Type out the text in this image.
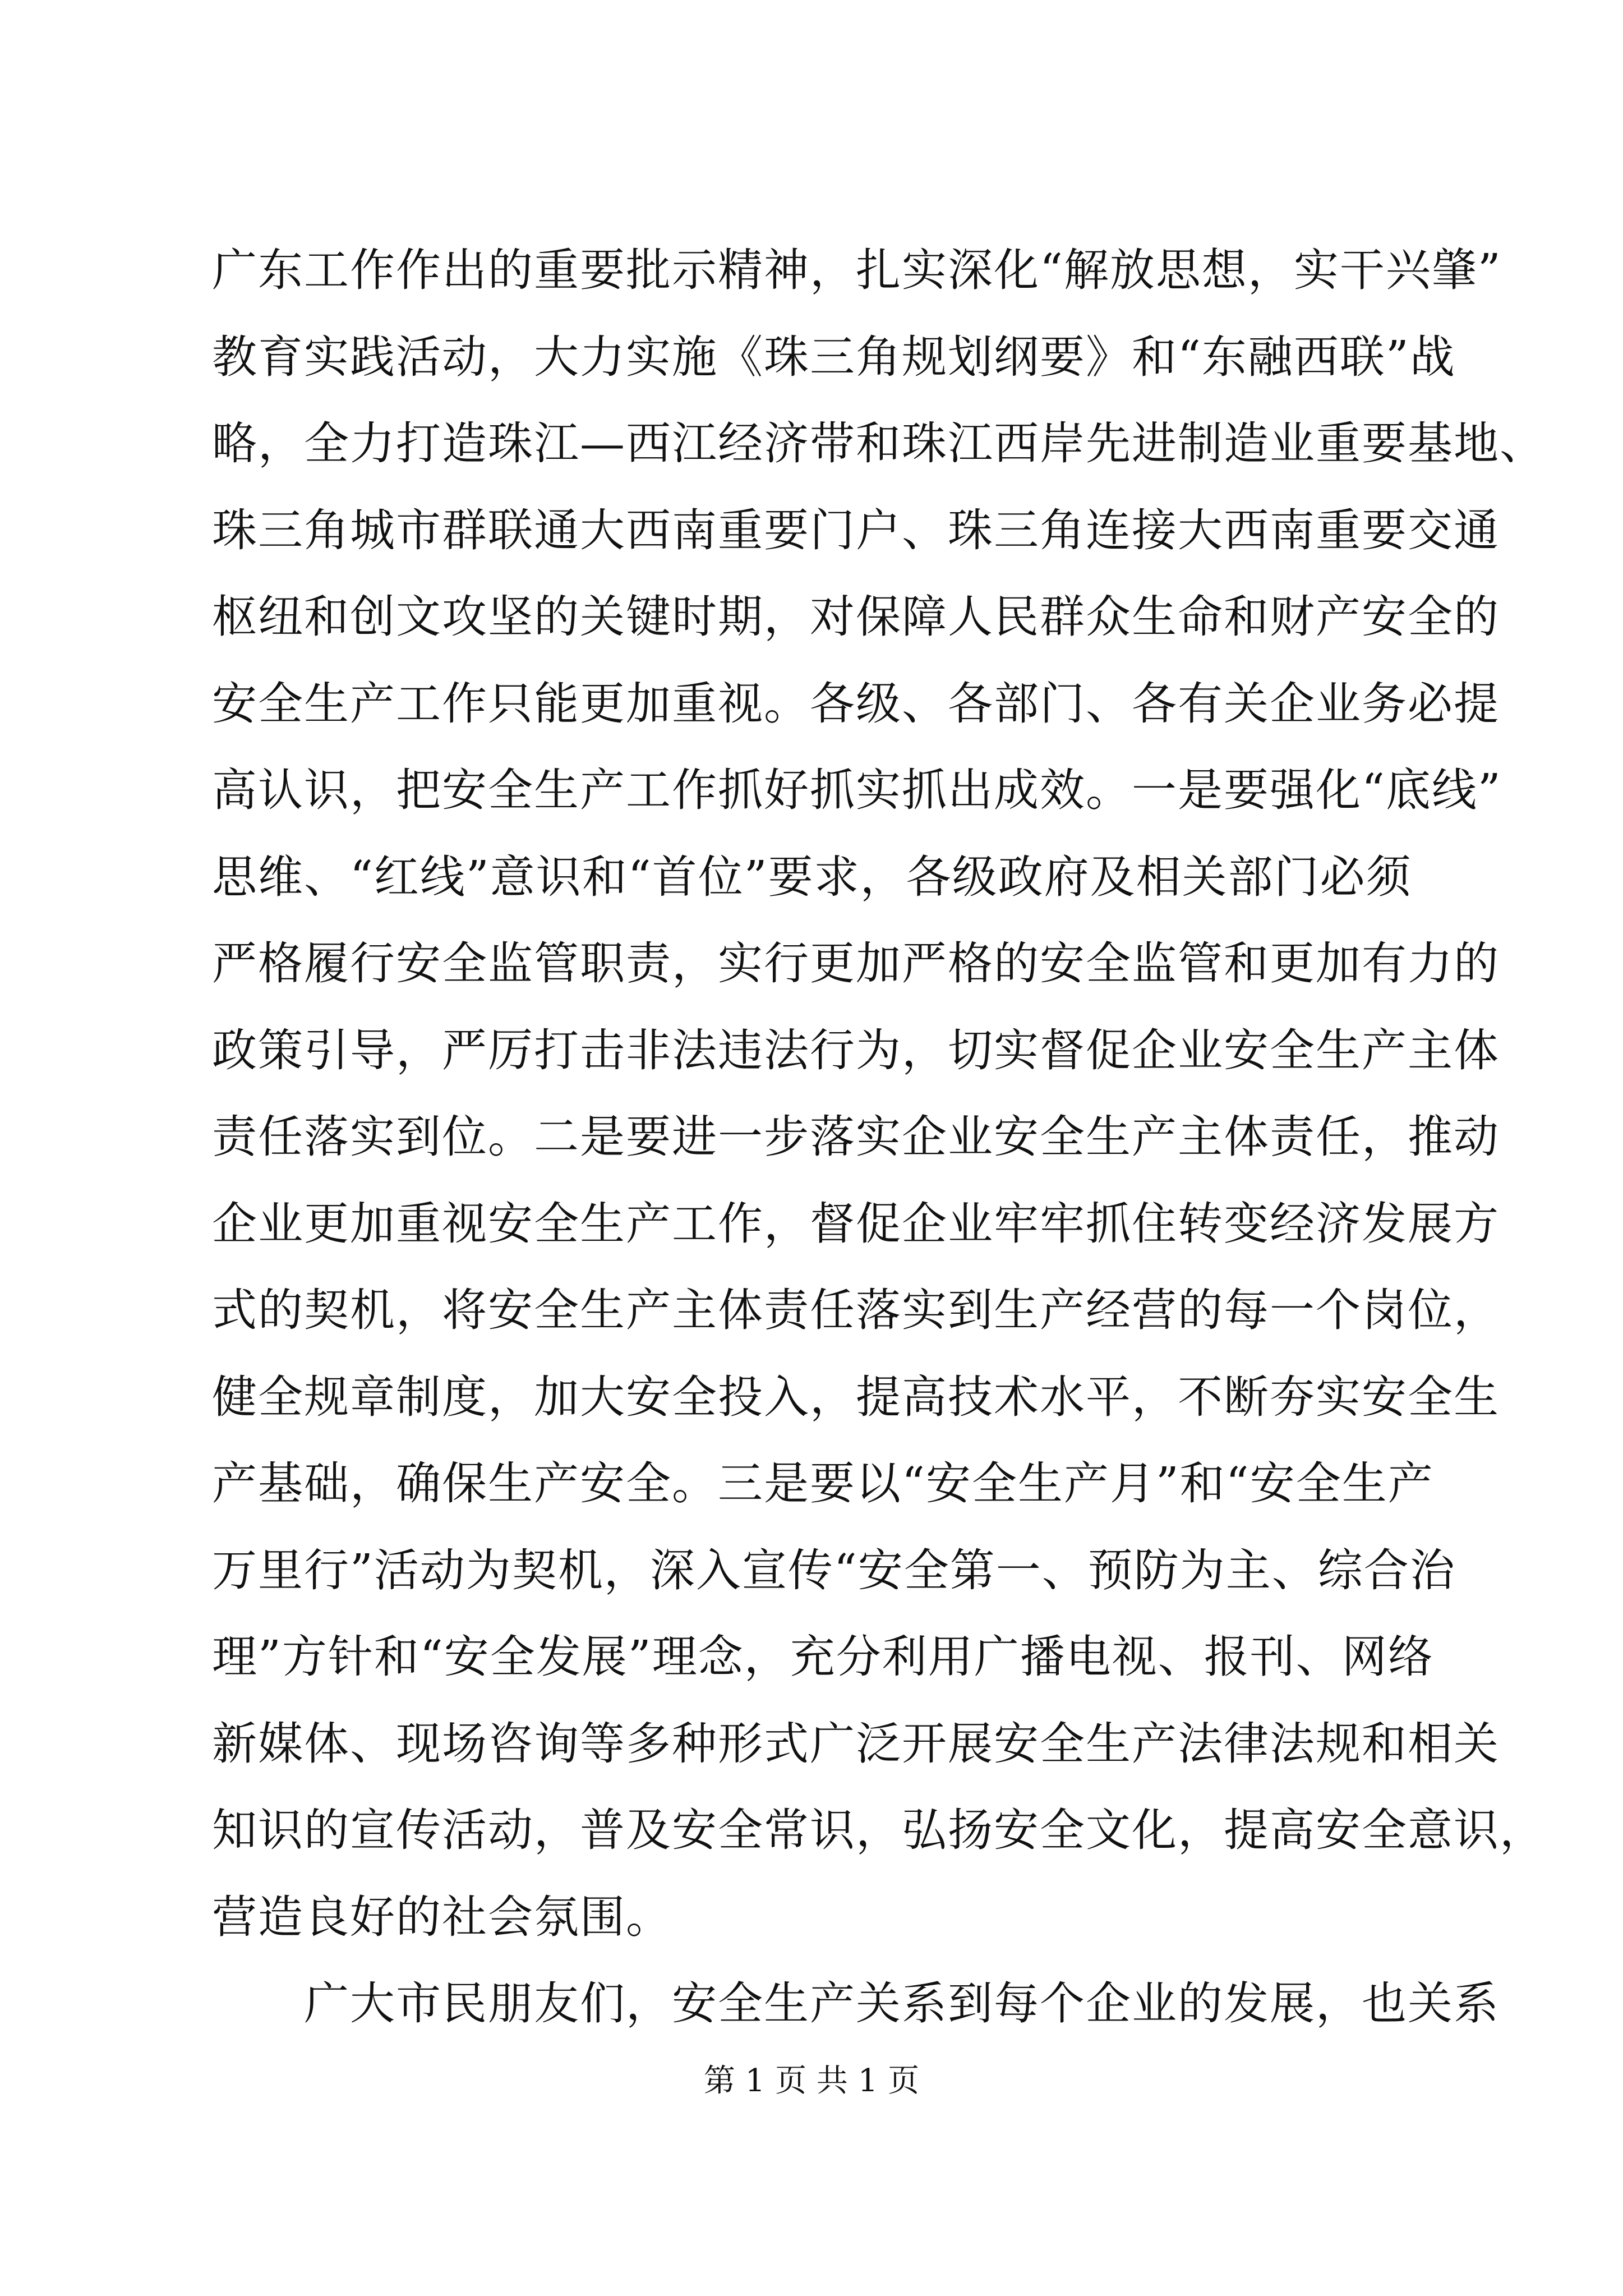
广东工作作出的重要批示精神，扎实深化“解放思想，实干兴肇”
教育实践活动，大力实施《珠三角规划纲要》和“东融西联”战
略，全力打造珠江—西江经济带和珠江西岸先进制造业重要基地、
珠三角城市群联通大西南重要门户、珠三角连接大西南重要交通
枢纽和创文攻坚的关键时期，对保障人民群众生命和财产安全的
安全生产工作只能更加重视。各级、各部门、各有关企业务必提
高认识，把安全生产工作抓好抓实抓出成效。一是要强化“底线”
思维、“红线”意识和“首位”要求，各级政府及相关部门必须
严格履行安全监管职责，实行更加严格的安全监管和更加有力的
政策引导，严厉打击非法违法行为，切实督促企业安全生产主体
责任落实到位。二是要进一步落实企业安全生产主体责任，推动
企业更加重视安全生产工作，督促企业牢牢抓住转变经济发展方
式的契机，将安全生产主体责任落实到生产经营的每一个岗位，
健全规章制度，加大安全投入，提高技术水平，不断夯实安全生
产基础，确保生产安全。三是要以“安全生产月”和“安全生产
万里行”活动为契机，深入宣传“安全第一、预防为主、综合治
理”方针和“安全发展”理念，充分利用广播电视、报刊、网络
新媒体、现场咨询等多种形式广泛开展安全生产法律法规和相关
知识的宣传活动，普及安全常识，弘扬安全文化，提高安全意识，
营造良好的社会氛围。
广大市民朋友们，安全生产关系到每个企业的发展，也关系
第 1 页 共 1 页
